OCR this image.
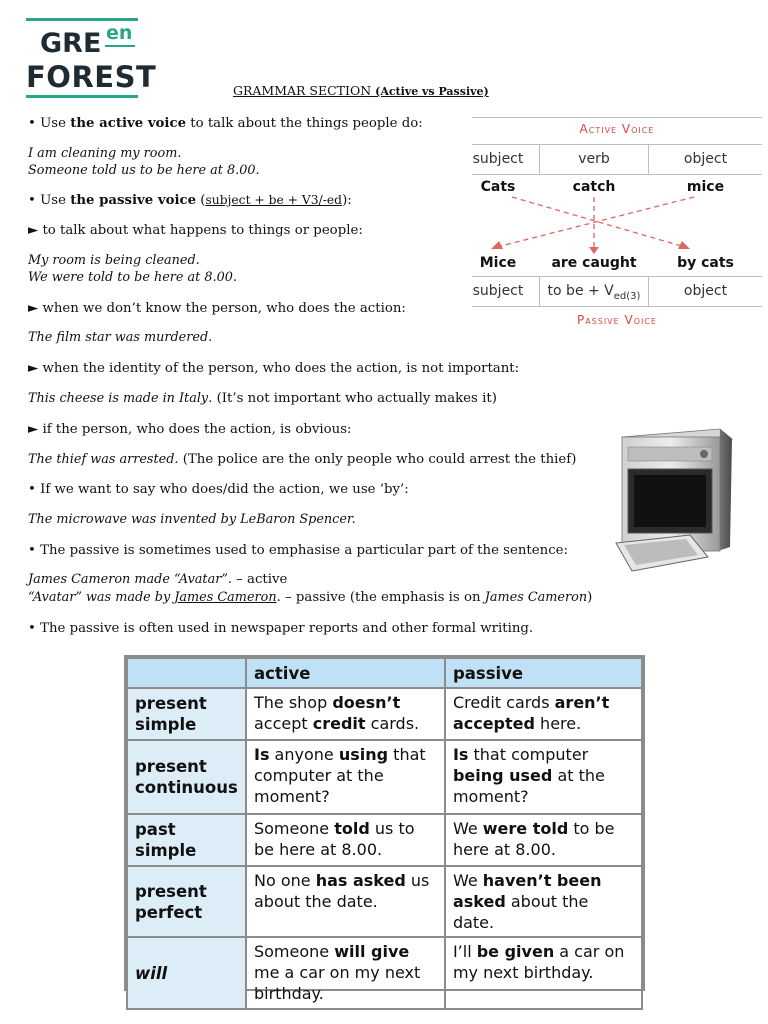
GRE en
FOREST	GRAMMAR SECTION (Active vs Passive)
• Use the active voice to talk about the things people do:
I am cleaning my room.
Someone told us to be here at 8.00.
• Use the passive voice (subject + be + V3/-ed):
► to talk about what happens to things or people:
My room is being cleaned.
We were told to be here at 8.00.
► when we don’t know the person, who does the action:
The film star was murdered.
► when the identity of the person, who does the action, is not important:
This cheese is made in Italy. (It’s not important who actually makes it)
► if the person, who does the action, is obvious:
The thief was arrested. (The police are the only people who could arrest the thief)
• If we want to say who does/did the action, we use ‘by’:
The microwave was invented by LeBaron Spencer.
• The passive is sometimes used to emphasise a particular part of the sentence:
James Cameron made “Avatar”. – active
“Avatar” was made by James Cameron. – passive (the emphasis is on James Cameron)
• The passive is often used in newspaper reports and other formal writing.
Active Voice
subject	verb	object
Cats	catch	mice
Mice	are caught	by cats
subject	to be + $V_{ed(3)}$	object
Passive Voice
	active	passive
present
simple	The shop doesn’t accept credit cards.	Credit cards aren’t accepted here.
present
continuous	Is anyone using that computer at the moment?	Is that computer being used at the moment?
past
simple	Someone told us to be here at 8.00.	We were told to be here at 8.00.
present
perfect	No one has asked us about the date.	We haven’t been asked about the date.
will	Someone will give me a car on my next birthday.	I’ll be given a car on my next birthday.
